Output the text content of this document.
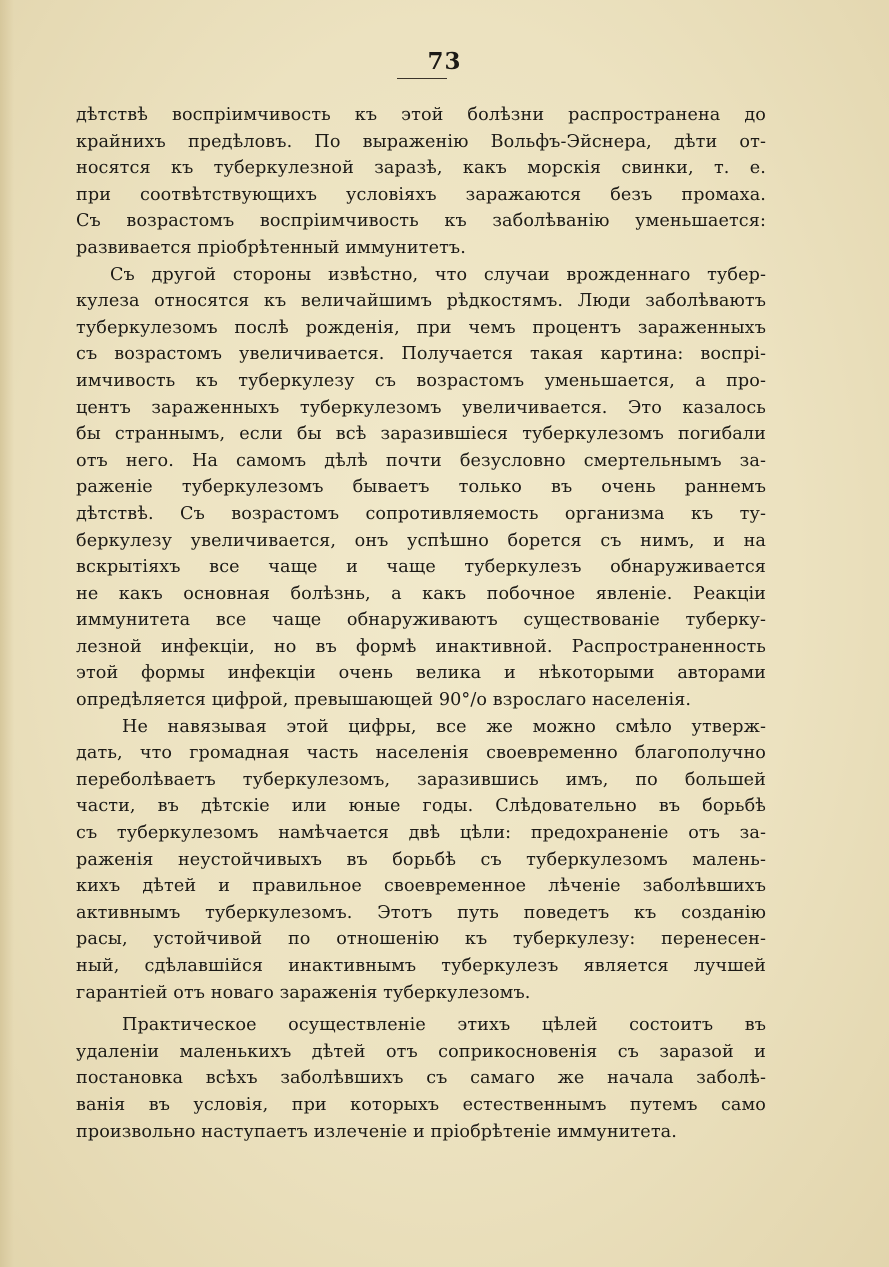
73
дѣтствѣ воспріимчивость къ этой болѣзни распространена до
крайнихъ предѣловъ. По выраженію Вольфъ-Эйснера, дѣти от-
носятся къ туберкулезной заразѣ, какъ морскія свинки, т. е.
при соотвѣтствующихъ условіяхъ заражаются безъ промаха.
Съ возрастомъ воспріимчивость къ заболѣванію уменьшается:
развивается пріобрѣтенный иммунитетъ.
Съ другой стороны извѣстно, что случаи врожденнаго тубер-
кулеза относятся къ величайшимъ рѣдкостямъ. Люди заболѣваютъ
туберкулезомъ послѣ рожденія, при чемъ процентъ зараженныхъ
съ возрастомъ увеличивается. Получается такая картина: воспрі-
имчивость къ туберкулезу съ возрастомъ уменьшается, а про-
центъ зараженныхъ туберкулезомъ увеличивается. Это казалось
бы страннымъ, если бы всѣ заразившіеся туберкулезомъ погибали
отъ него. На самомъ дѣлѣ почти безусловно смертельнымъ за-
раженіе туберкулезомъ бываетъ только въ очень раннемъ
дѣтствѣ. Съ возрастомъ сопротивляемость организма къ ту-
беркулезу увеличивается, онъ успѣшно борется съ нимъ, и на
вскрытіяхъ все чаще и чаще туберкулезъ обнаруживается
не какъ основная болѣзнь, а какъ побочное явленіе. Реакціи
иммунитета все чаще обнаруживаютъ существованіе туберку-
лезной инфекціи, но въ формѣ инактивной. Распространенность
этой формы инфекціи очень велика и нѣкоторыми авторами
опредѣляется цифрой, превышающей 90°/о взрослаго населенія.
Не навязывая этой цифры, все же можно смѣло утверж-
дать, что громадная часть населенія своевременно благополучно
переболѣваетъ туберкулезомъ, заразившись имъ, по большей
части, въ дѣтскіе или юные годы. Слѣдовательно въ борьбѣ
съ туберкулезомъ намѣчается двѣ цѣли: предохраненіе отъ за-
раженія неустойчивыхъ въ борьбѣ съ туберкулезомъ малень-
кихъ дѣтей и правильное своевременное лѣченіе заболѣвшихъ
активнымъ туберкулезомъ. Этотъ путь поведетъ къ созданію
расы, устойчивой по отношенію къ туберкулезу: перенесен-
ный, сдѣлавшійся инактивнымъ туберкулезъ является лучшей
гарантіей отъ новаго зараженія туберкулезомъ.
Практическое осуществленіе этихъ цѣлей состоитъ въ
удаленіи маленькихъ дѣтей отъ соприкосновенія съ заразой и
постановка всѣхъ заболѣвшихъ съ самаго же начала заболѣ-
ванія въ условія, при которыхъ естественнымъ путемъ само
произвольно наступаетъ излеченіе и пріобрѣтеніе иммунитета.
